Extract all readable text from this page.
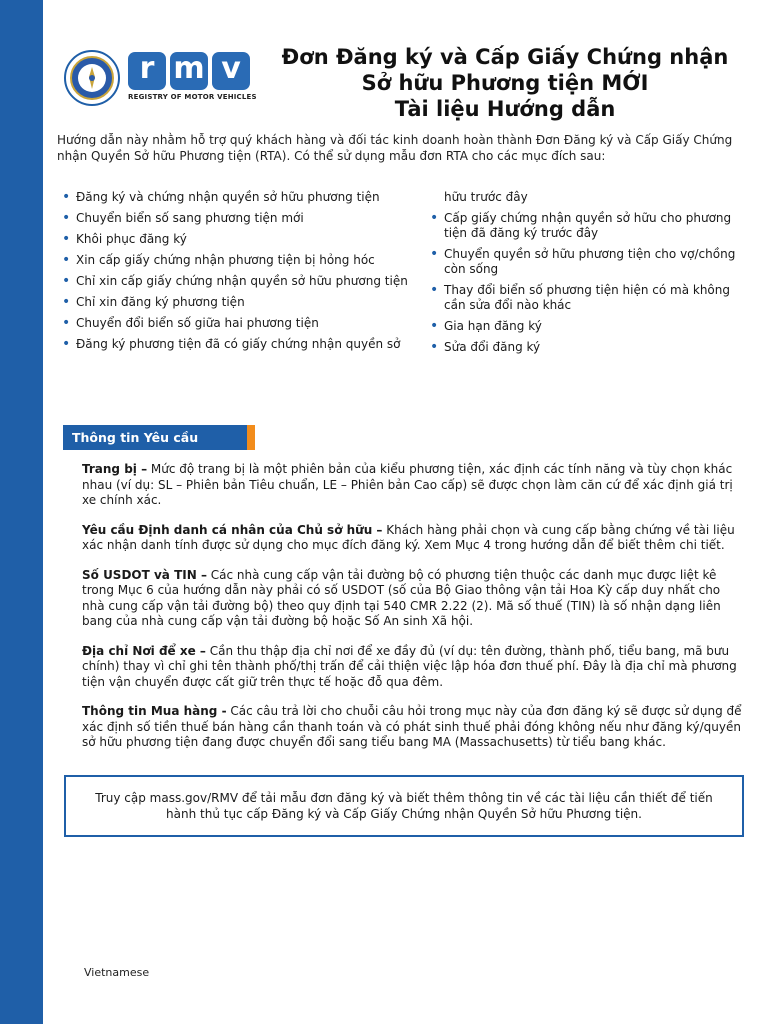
r m v
REGISTRY OF MOTOR VEHICLES
Đơn Đăng ký và Cấp Giấy Chứng nhận
Sở hữu Phương tiện MỚI
Tài liệu Hướng dẫn
Hướng dẫn này nhằm hỗ trợ quý khách hàng và đối tác kinh doanh hoàn thành Đơn Đăng ký và Cấp Giấy Chứng nhận Quyền Sở hữu Phương tiện (RTA). Có thể sử dụng mẫu đơn RTA cho các mục đích sau:
• Đăng ký và chứng nhận quyền sở hữu phương tiện
• Chuyển biển số sang phương tiện mới
• Khôi phục đăng ký
• Xin cấp giấy chứng nhận phương tiện bị hỏng hóc
• Chỉ xin cấp giấy chứng nhận quyền sở hữu phương tiện
• Chỉ xin đăng ký phương tiện
• Chuyển đổi biển số giữa hai phương tiện
• Đăng ký phương tiện đã có giấy chứng nhận quyền sở
hữu trước đây
• Cấp giấy chứng nhận quyền sở hữu cho phương tiện đã đăng ký trước đây
• Chuyển quyền sở hữu phương tiện cho vợ/chồng còn sống
• Thay đổi biển số phương tiện hiện có mà không cần sửa đổi nào khác
• Gia hạn đăng ký
• Sửa đổi đăng ký
Thông tin Yêu cầu

Trang bị – Mức độ trang bị là một phiên bản của kiểu phương tiện, xác định các tính năng và tùy chọn khác nhau (ví dụ: SL – Phiên bản Tiêu chuẩn, LE – Phiên bản Cao cấp) sẽ được chọn làm căn cứ để xác định giá trị xe chính xác.

Yêu cầu Định danh cá nhân của Chủ sở hữu – Khách hàng phải chọn và cung cấp bằng chứng về tài liệu xác nhận danh tính được sử dụng cho mục đích đăng ký. Xem Mục 4 trong hướng dẫn để biết thêm chi tiết.

Số USDOT và TIN – Các nhà cung cấp vận tải đường bộ có phương tiện thuộc các danh mục được liệt kê trong Mục 6 của hướng dẫn này phải có số USDOT (số của Bộ Giao thông vận tải Hoa Kỳ cấp duy nhất cho nhà cung cấp vận tải đường bộ) theo quy định tại 540 CMR 2.22 (2). Mã số thuế (TIN) là số nhận dạng liên bang của nhà cung cấp vận tải đường bộ hoặc Số An sinh Xã hội.

Địa chỉ Nơi để xe – Cần thu thập địa chỉ nơi để xe đầy đủ (ví dụ: tên đường, thành phố, tiểu bang, mã bưu chính) thay vì chỉ ghi tên thành phố/thị trấn để cải thiện việc lập hóa đơn thuế phí. Đây là địa chỉ mà phương tiện vận chuyển được cất giữ trên thực tế hoặc đỗ qua đêm.

Thông tin Mua hàng - Các câu trả lời cho chuỗi câu hỏi trong mục này của đơn đăng ký sẽ được sử dụng để xác định số tiền thuế bán hàng cần thanh toán và có phát sinh thuế phải đóng không nếu như đăng ký/quyền sở hữu phương tiện đang được chuyển đổi sang tiểu bang MA (Massachusetts) từ tiểu bang khác.

Truy cập mass.gov/RMV để tải mẫu đơn đăng ký và biết thêm thông tin về các tài liệu cần thiết để tiến hành thủ tục cấp Đăng ký và Cấp Giấy Chứng nhận Quyền Sở hữu Phương tiện.
Vietnamese
